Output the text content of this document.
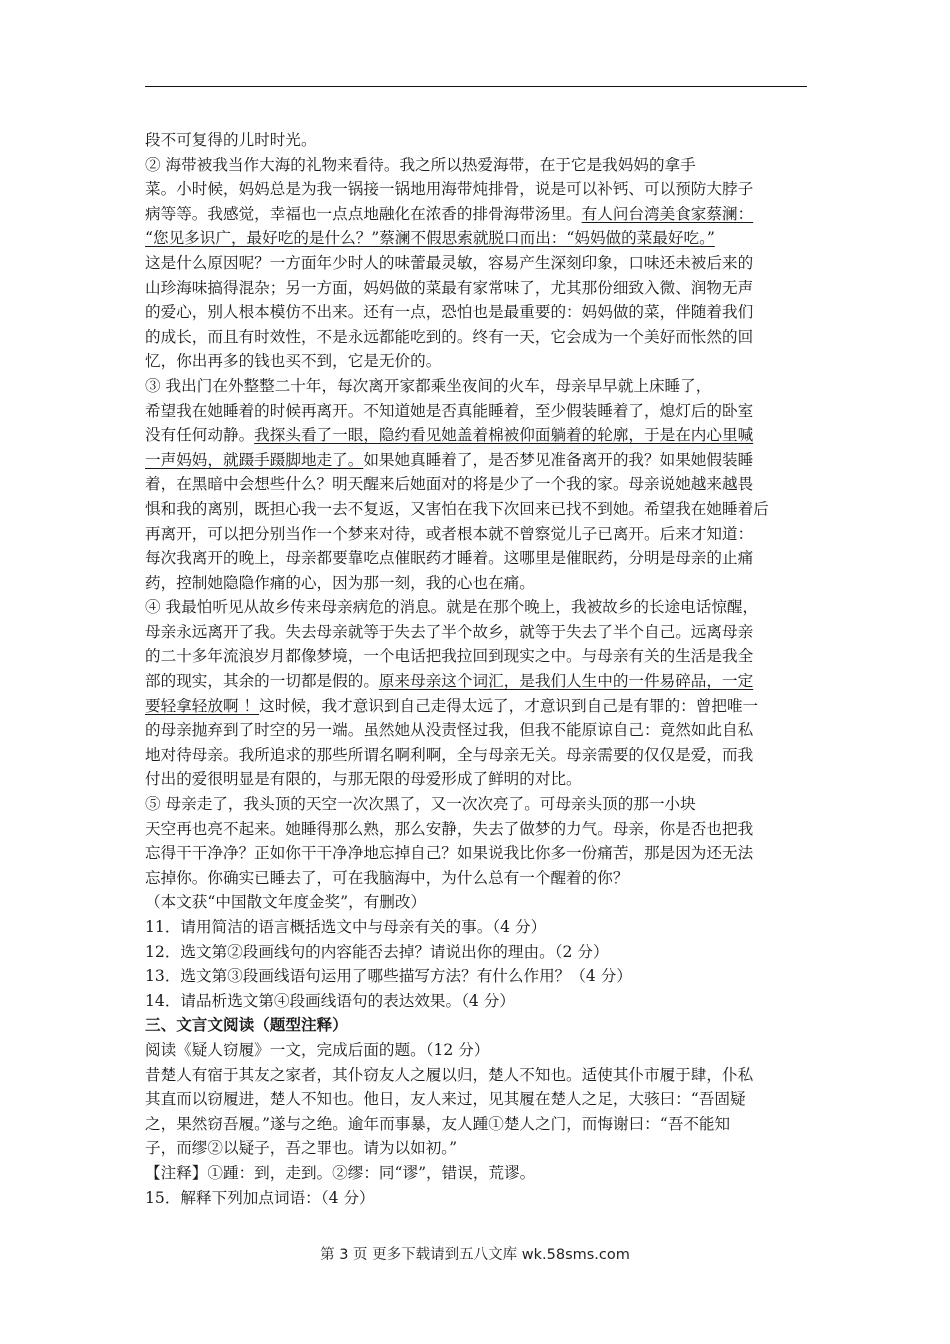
段不可复得的儿时时光。
② 海带被我当作大海的礼物来看待。我之所以热爱海带，在于它是我妈妈的拿手
菜。小时候，妈妈总是为我一锅接一锅地用海带炖排骨，说是可以补钙、可以预防大脖子
病等等。我感觉，幸福也一点点地融化在浓香的排骨海带汤里。有人问台湾美食家蔡澜：
“您见多识广，最好吃的是什么？”蔡澜不假思索就脱口而出：“妈妈做的菜最好吃。”
这是什么原因呢？一方面年少时人的味蕾最灵敏，容易产生深刻印象，口味还未被后来的
山珍海味搞得混杂；另一方面，妈妈做的菜最有家常味了，尤其那份细致入微、润物无声
的爱心，别人根本模仿不出来。还有一点，恐怕也是最重要的：妈妈做的菜，伴随着我们
的成长，而且有时效性，不是永远都能吃到的。终有一天，它会成为一个美好而怅然的回
忆，你出再多的钱也买不到，它是无价的。
③ 我出门在外整整二十年，每次离开家都乘坐夜间的火车，母亲早早就上床睡了，
希望我在她睡着的时候再离开。不知道她是否真能睡着，至少假装睡着了，熄灯后的卧室
没有任何动静。我探头看了一眼，隐约看见她盖着棉被仰面躺着的轮廓，于是在内心里喊
一声妈妈，就蹑手蹑脚地走了。如果她真睡着了，是否梦见准备离开的我？如果她假装睡
着，在黑暗中会想些什么？明天醒来后她面对的将是少了一个我的家。母亲说她越来越畏
惧和我的离别，既担心我一去不复返，又害怕在我下次回来已找不到她。希望我在她睡着后
再离开，可以把分别当作一个梦来对待，或者根本就不曾察觉儿子已离开。后来才知道：
每次我离开的晚上，母亲都要靠吃点催眠药才睡着。这哪里是催眠药，分明是母亲的止痛
药，控制她隐隐作痛的心，因为那一刻，我的心也在痛。
④ 我最怕听见从故乡传来母亲病危的消息。就是在那个晚上，我被故乡的长途电话惊醒，
母亲永远离开了我。失去母亲就等于失去了半个故乡，就等于失去了半个自己。远离母亲
的二十多年流浪岁月都像梦境，一个电话把我拉回到现实之中。与母亲有关的生活是我全
部的现实，其余的一切都是假的。原来母亲这个词汇，是我们人生中的一件易碎品，一定
要轻拿轻放啊 ！这时候，我才意识到自己走得太远了，才意识到自己是有罪的：曾把唯一
的母亲抛弃到了时空的另一端。虽然她从没责怪过我，但我不能原谅自己：竟然如此自私
地对待母亲。我所追求的那些所谓名啊利啊，全与母亲无关。母亲需要的仅仅是爱，而我
付出的爱很明显是有限的，与那无限的母爱形成了鲜明的对比。
⑤ 母亲走了，我头顶的天空一次次黑了，又一次次亮了。可母亲头顶的那一小块
天空再也亮不起来。她睡得那么熟，那么安静，失去了做梦的力气。母亲，你是否也把我
忘得干干净净？正如你干干净净地忘掉自己？如果说我比你多一份痛苦，那是因为还无法
忘掉你。你确实已睡去了，可在我脑海中，为什么总有一个醒着的你？
（本文获“中国散文年度金奖”，有删改）
11．请用简洁的语言概括选文中与母亲有关的事。（4 分）
12．选文第②段画线句的内容能否去掉？请说出你的理由。（2 分）
13．选文第③段画线语句运用了哪些描写方法？有什么作用？（4 分）
14．请品析选文第④段画线语句的表达效果。（4 分）
三、文言文阅读（题型注释）
阅读《疑人窃履》一文，完成后面的题。（12 分）
昔楚人有宿于其友之家者，其仆窃友人之履以归，楚人不知也。适使其仆市履于肆，仆私
其直而以窃履进，楚人不知也。他日，友人来过，见其履在楚人之足，大骇曰：“吾固疑
之，果然窃吾履。”遂与之绝。逾年而事暴，友人踵①楚人之门，而悔谢曰：“吾不能知
子，而缪②以疑子，吾之罪也。请为以如初。”
【注释】①踵：到，走到。②缪：同“谬”，错误，荒谬。
15．解释下列加点词语：（4 分）
第 3 页 更多下载请到五八文库 wk.58sms.com
